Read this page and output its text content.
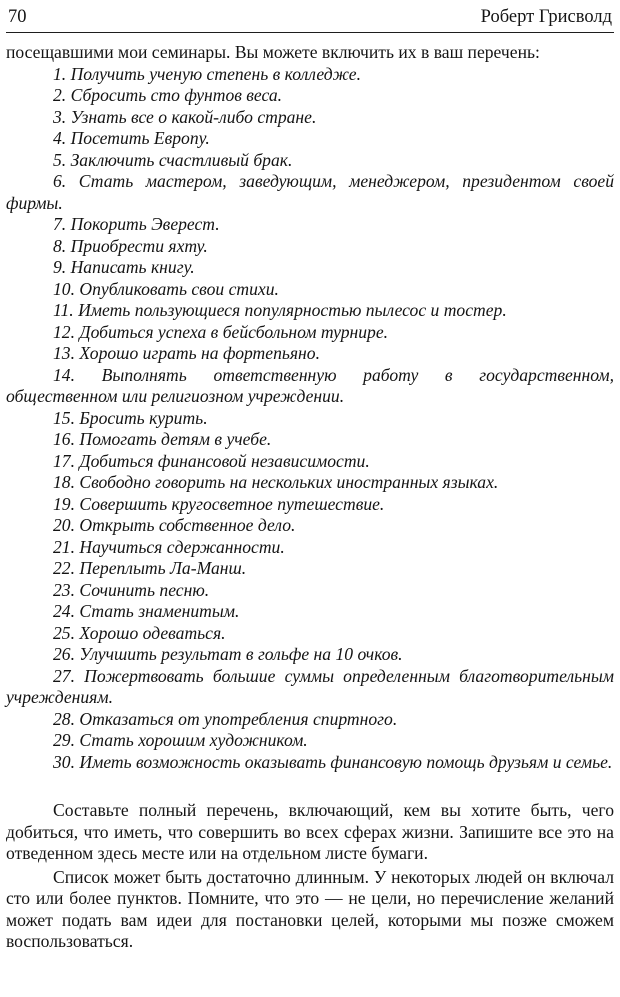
70	Роберт Грисволд

посещавшими мои семинары. Вы можете включить их в ваш перечень:

1. Получить ученую степень в колледже.

2. Сбросить сто фунтов веса.

3. Узнать все о какой-либо стране.

4. Посетить Европу.

5. Заключить счастливый брак.

6. Стать мастером, заведующим, менеджером, президентом своей фирмы.

7. Покорить Эверест.

8. Приобрести яхту.

9. Написать книгу.

10. Опубликовать свои стихи.

11. Иметь пользующиеся популярностью пылесос и тостер.

12. Добиться успеха в бейсбольном турнире.

13. Хорошо играть на фортепьяно.

14. Выполнять ответственную работу в государственном, общественном или религиозном учреждении.

15. Бросить курить.

16. Помогать детям в учебе.

17. Добиться финансовой независимости.

18. Свободно говорить на нескольких иностранных языках.

19. Совершить кругосветное путешествие.

20. Открыть собственное дело.

21. Научиться сдержанности.

22. Переплыть Ла-Манш.

23. Сочинить песню.

24. Стать знаменитым.

25. Хорошо одеваться.

26. Улучшить результат в гольфе на 10 очков.

27. Пожертвовать большие суммы определенным благотворительным учреждениям.

28. Отказаться от употребления спиртного.

29. Стать хорошим художником.

30. Иметь возможность оказывать финансовую помощь друзьям и семье.

Составьте полный перечень, включающий, кем вы хотите быть, чего добиться, что иметь, что совершить во всех сферах жизни. Запишите все это на отведенном здесь месте или на отдельном листе бумаги.

Список может быть достаточно длинным. У некоторых людей он включал сто или более пунктов. Помните, что это — не цели, но перечисление желаний может подать вам идеи для постановки целей, которыми мы позже сможем воспользоваться.
